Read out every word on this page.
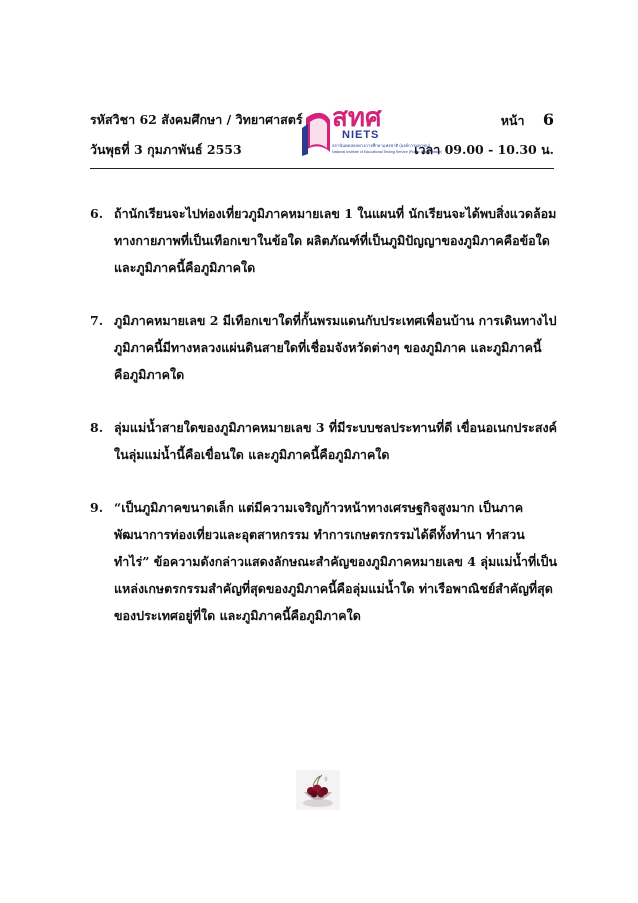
รหัสวิชา 62 สังคมศึกษา / วิทยาศาสตร์	หน้า 6
วันพุธที่ 3 กุมภาพันธ์ 2553	เวลา 09.00 - 10.30 น.
สทศ
NIETS
สถาบันทดสอบทางการศึกษาแห่งชาติ (องค์การมหาชน)
National Institute of Educational Testing Service (Public Organization)
6. ถ้านักเรียนจะไปท่องเที่ยวภูมิภาคหมายเลข 1 ในแผนที่ นักเรียนจะได้พบสิ่งแวดล้อม
ทางกายภาพที่เป็นเทือกเขาในข้อใด ผลิตภัณฑ์ที่เป็นภูมิปัญญาของภูมิภาคคือข้อใด
และภูมิภาคนี้คือภูมิภาคใด
7. ภูมิภาคหมายเลข 2 มีเทือกเขาใดที่กั้นพรมแดนกับประเทศเพื่อนบ้าน การเดินทางไป
ภูมิภาคนี้มีทางหลวงแผ่นดินสายใดที่เชื่อมจังหวัดต่างๆ ของภูมิภาค และภูมิภาคนี้
คือภูมิภาคใด
8. ลุ่มแม่น้ำสายใดของภูมิภาคหมายเลข 3 ที่มีระบบชลประทานที่ดี เขื่อนอเนกประสงค์
ในลุ่มแม่น้ำนี้คือเขื่อนใด และภูมิภาคนี้คือภูมิภาคใด
9. “เป็นภูมิภาคขนาดเล็ก แต่มีความเจริญก้าวหน้าทางเศรษฐกิจสูงมาก เป็นภาค
พัฒนาการท่องเที่ยวและอุตสาหกรรม ทำการเกษตรกรรมได้ดีทั้งทำนา ทำสวน
ทำไร่” ข้อความดังกล่าวแสดงลักษณะสำคัญของภูมิภาคหมายเลข 4 ลุ่มแม่น้ำที่เป็น
แหล่งเกษตรกรรมสำคัญที่สุดของภูมิภาคนี้คือลุ่มแม่น้ำใด ท่าเรือพาณิชย์สำคัญที่สุด
ของประเทศอยู่ที่ใด และภูมิภาคนี้คือภูมิภาคใด
